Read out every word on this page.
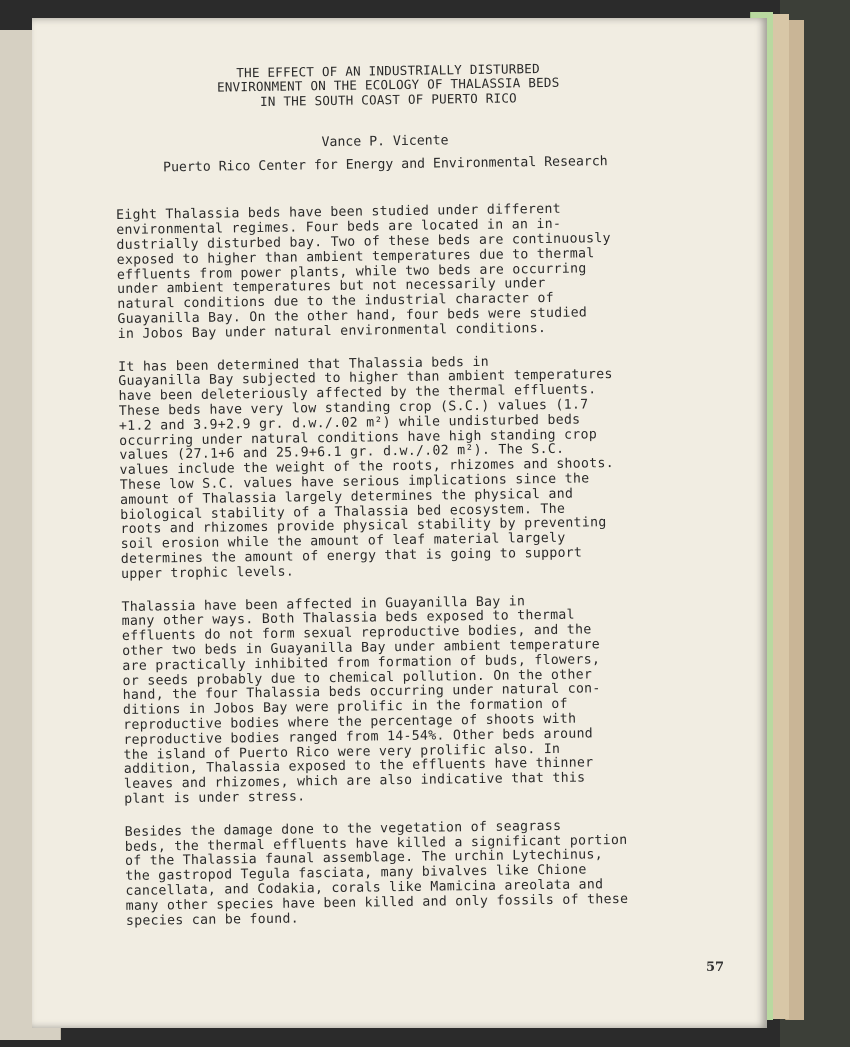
THE EFFECT OF AN INDUSTRIALLY DISTURBED
ENVIRONMENT ON THE ECOLOGY OF THALASSIA BEDS
IN THE SOUTH COAST OF PUERTO RICO
Vance P. Vicente
Puerto Rico Center for Energy and Environmental Research
Eight Thalassia beds have been studied under different
environmental regimes. Four beds are located in an in-
dustrially disturbed bay. Two of these beds are continuously
exposed to higher than ambient temperatures due to thermal
effluents from power plants, while two beds are occurring
under ambient temperatures but not necessarily under
natural conditions due to the industrial character of
Guayanilla Bay. On the other hand, four beds were studied
in Jobos Bay under natural environmental conditions.
It has been determined that Thalassia beds in
Guayanilla Bay subjected to higher than ambient temperatures
have been deleteriously affected by the thermal effluents.
These beds have very low standing crop (S.C.) values (1.7
+1.2 and 3.9+2.9 gr. d.w./.02 m²) while undisturbed beds
occurring under natural conditions have high standing crop
values (27.1+6 and 25.9+6.1 gr. d.w./.02 m²). The S.C.
values include the weight of the roots, rhizomes and shoots.
These low S.C. values have serious implications since the
amount of Thalassia largely determines the physical and
biological stability of a Thalassia bed ecosystem. The
roots and rhizomes provide physical stability by preventing
soil erosion while the amount of leaf material largely
determines the amount of energy that is going to support
upper trophic levels.
Thalassia have been affected in Guayanilla Bay in
many other ways. Both Thalassia beds exposed to thermal
effluents do not form sexual reproductive bodies, and the
other two beds in Guayanilla Bay under ambient temperature
are practically inhibited from formation of buds, flowers,
or seeds probably due to chemical pollution. On the other
hand, the four Thalassia beds occurring under natural con-
ditions in Jobos Bay were prolific in the formation of
reproductive bodies where the percentage of shoots with
reproductive bodies ranged from 14-54%. Other beds around
the island of Puerto Rico were very prolific also. In
addition, Thalassia exposed to the effluents have thinner
leaves and rhizomes, which are also indicative that this
plant is under stress.
Besides the damage done to the vegetation of seagrass
beds, the thermal effluents have killed a significant portion
of the Thalassia faunal assemblage. The urchin Lytechinus,
the gastropod Tegula fasciata, many bivalves like Chione
cancellata, and Codakia, corals like Mamicina areolata and
many other species have been killed and only fossils of these
species can be found.
57
